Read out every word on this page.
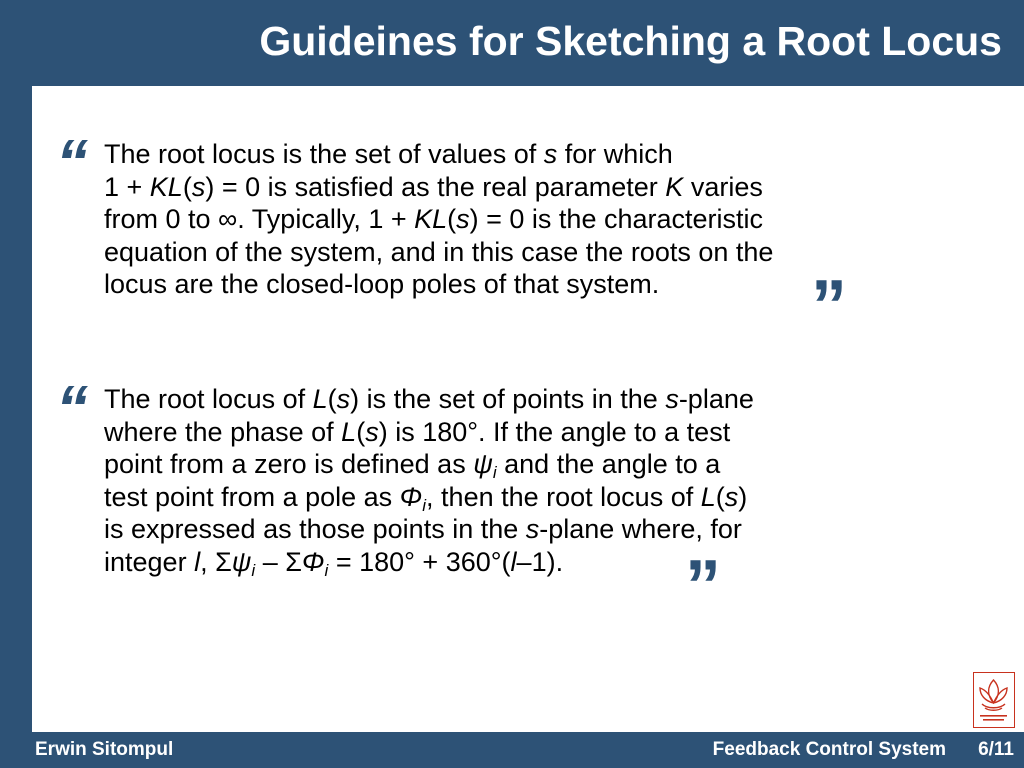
Guideines for Sketching a Root Locus
“ The root locus is the set of values of s for which
1 + KL(s) = 0 is satisfied as the real parameter K varies
from 0 to ∞. Typically, 1 + KL(s) = 0 is the characteristic
equation of the system, and in this case the roots on the
locus are the closed-loop poles of that system.	”
“ The root locus of L(s) is the set of points in the s-plane
where the phase of L(s) is 180°. If the angle to a test
point from a zero is defined as $\psi_i$ and the angle to a
test point from a pole as $\Phi_i$, then the root locus of L(s)
is expressed as those points in the s-plane where, for
integer l, $\Sigma\psi_i - \Sigma\Phi_i = 180^\circ + 360^\circ(l-1)$.	”
Erwin Sitompul	Feedback Control System 6/11
